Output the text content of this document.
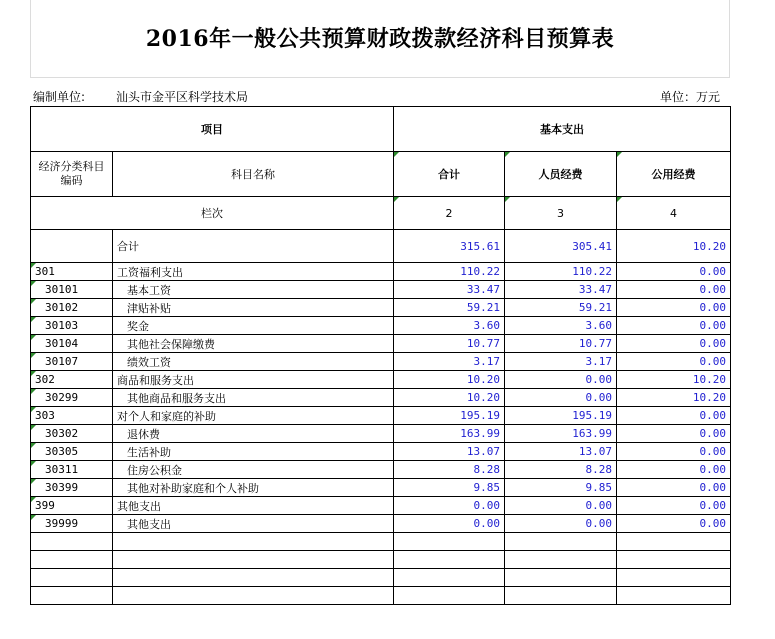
2016年一般公共预算财政拨款经济科目预算表
编制单位:	汕头市金平区科学技术局	单位：万元
项目		基本支出		
经济分类科目编码	科目名称	合计	人员经费	公用经费
栏次		2	3	4
	合计	315.61	305.41	10.20
301	工资福利支出	110.22	110.22	0.00
30101	基本工资	33.47	33.47	0.00
30102	津贴补贴	59.21	59.21	0.00
30103	奖金	3.60	3.60	0.00
30104	其他社会保障缴费	10.77	10.77	0.00
30107	绩效工资	3.17	3.17	0.00
302	商品和服务支出	10.20	0.00	10.20
30299	其他商品和服务支出	10.20	0.00	10.20
303	对个人和家庭的补助	195.19	195.19	0.00
30302	退休费	163.99	163.99	0.00
30305	生活补助	13.07	13.07	0.00
30311	住房公积金	8.28	8.28	0.00
30399	其他对补助家庭和个人补助	9.85	9.85	0.00
399	其他支出	0.00	0.00	0.00
39999	其他支出	0.00	0.00	0.00
